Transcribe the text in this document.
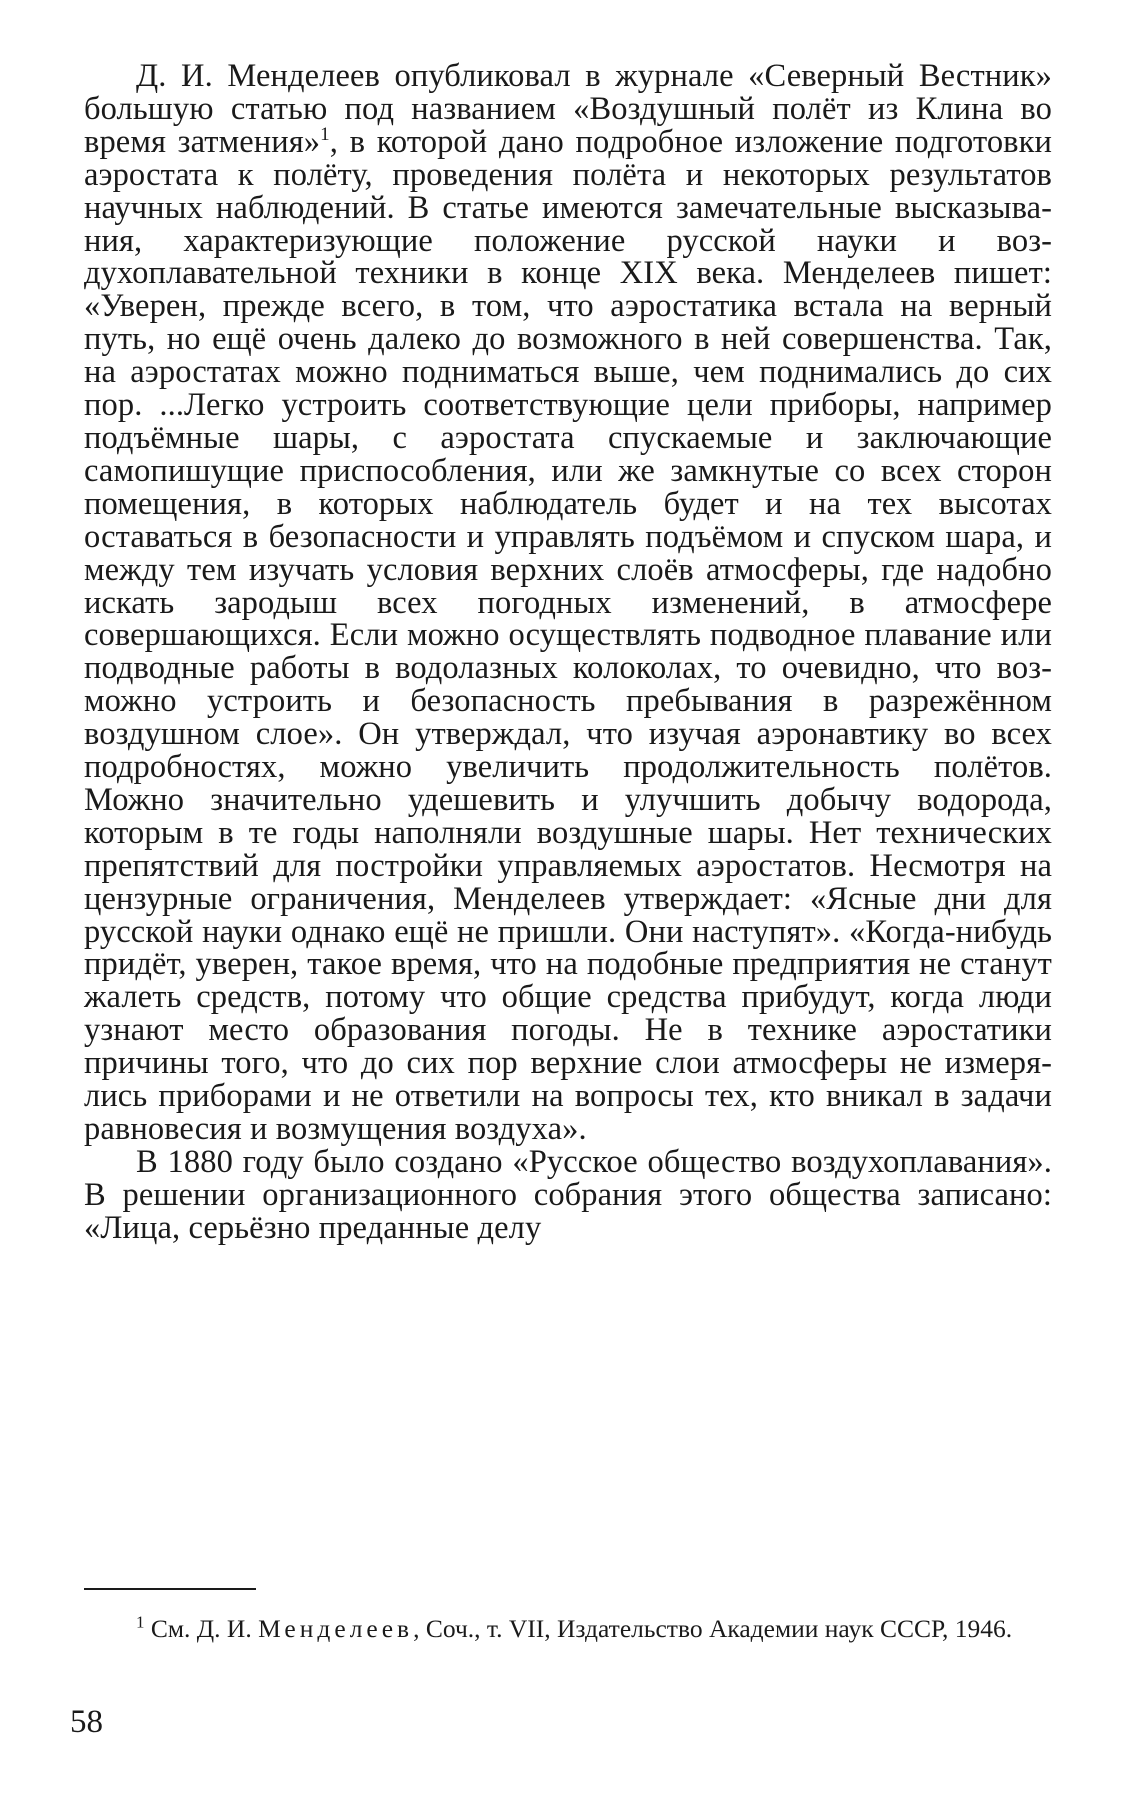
Д. И. Менделеев опубликовал в журнале «Северный Вестник» большую статью под названием «Воздушный полёт из Клина во время затмения»$^1$, в которой дано подробное изложение подготовки аэростата к полёту, проведения полёта и некоторых результатов научных наблюдений. В статье имеются замечательные высказывания, характеризующие положение русской науки и воздухоплавательной техники в конце XIX века. Менделеев пишет: «Уверен, прежде всего, в том, что аэростатика встала на верный путь, но ещё очень далеко до возможного в ней совершенства. Так, на аэростатах можно подниматься выше, чем поднимались до сих пор. ...Легко устроить соответствующие цели приборы, например подъёмные шары, с аэростата спускаемые и заключающие самопишущие приспособления, или же замкнутые со всех сторон помещения, в которых наблюдатель будет и на тех высотах оставаться в безопасности и управлять подъёмом и спуском шара, и между тем изучать условия верхних слоёв атмосферы, где надобно искать зародыш всех погодных изменений, в атмосфере совершающихся. Если можно осуществлять подводное плавание или подводные работы в водолазных колоколах, то очевидно, что возможно устроить и безопасность пребывания в разрежённом воздушном слое». Он утверждал, что изучая аэронавтику во всех подробностях, можно увеличить продолжительность полётов. Можно значительно удешевить и улучшить добычу водорода, которым в те годы наполняли воздушные шары. Нет технических препятствий для постройки управляемых аэростатов. Несмотря на цензурные ограничения, Менделеев утверждает: «Ясные дни для русской науки однако ещё не пришли. Они наступят». «Когда-нибудь придёт, уверен, такое время, что на подобные предприятия не станут жалеть средств, потому что общие средства прибудут, когда люди узнают место образования погоды. Не в технике аэростатики причины того, что до сих пор верхние слои атмосферы не измерялись приборами и не ответили на вопросы тех, кто вникал в задачи равновесия и возмущения воздуха».

В 1880 году было создано «Русское общество воздухоплавания». В решении организационного собрания этого общества записано: «Лица, серьёзно преданные делу

$^1$ См. Д. И. Менделеев, Соч., т. VII, Издательство Академии наук СССР, 1946.

58
